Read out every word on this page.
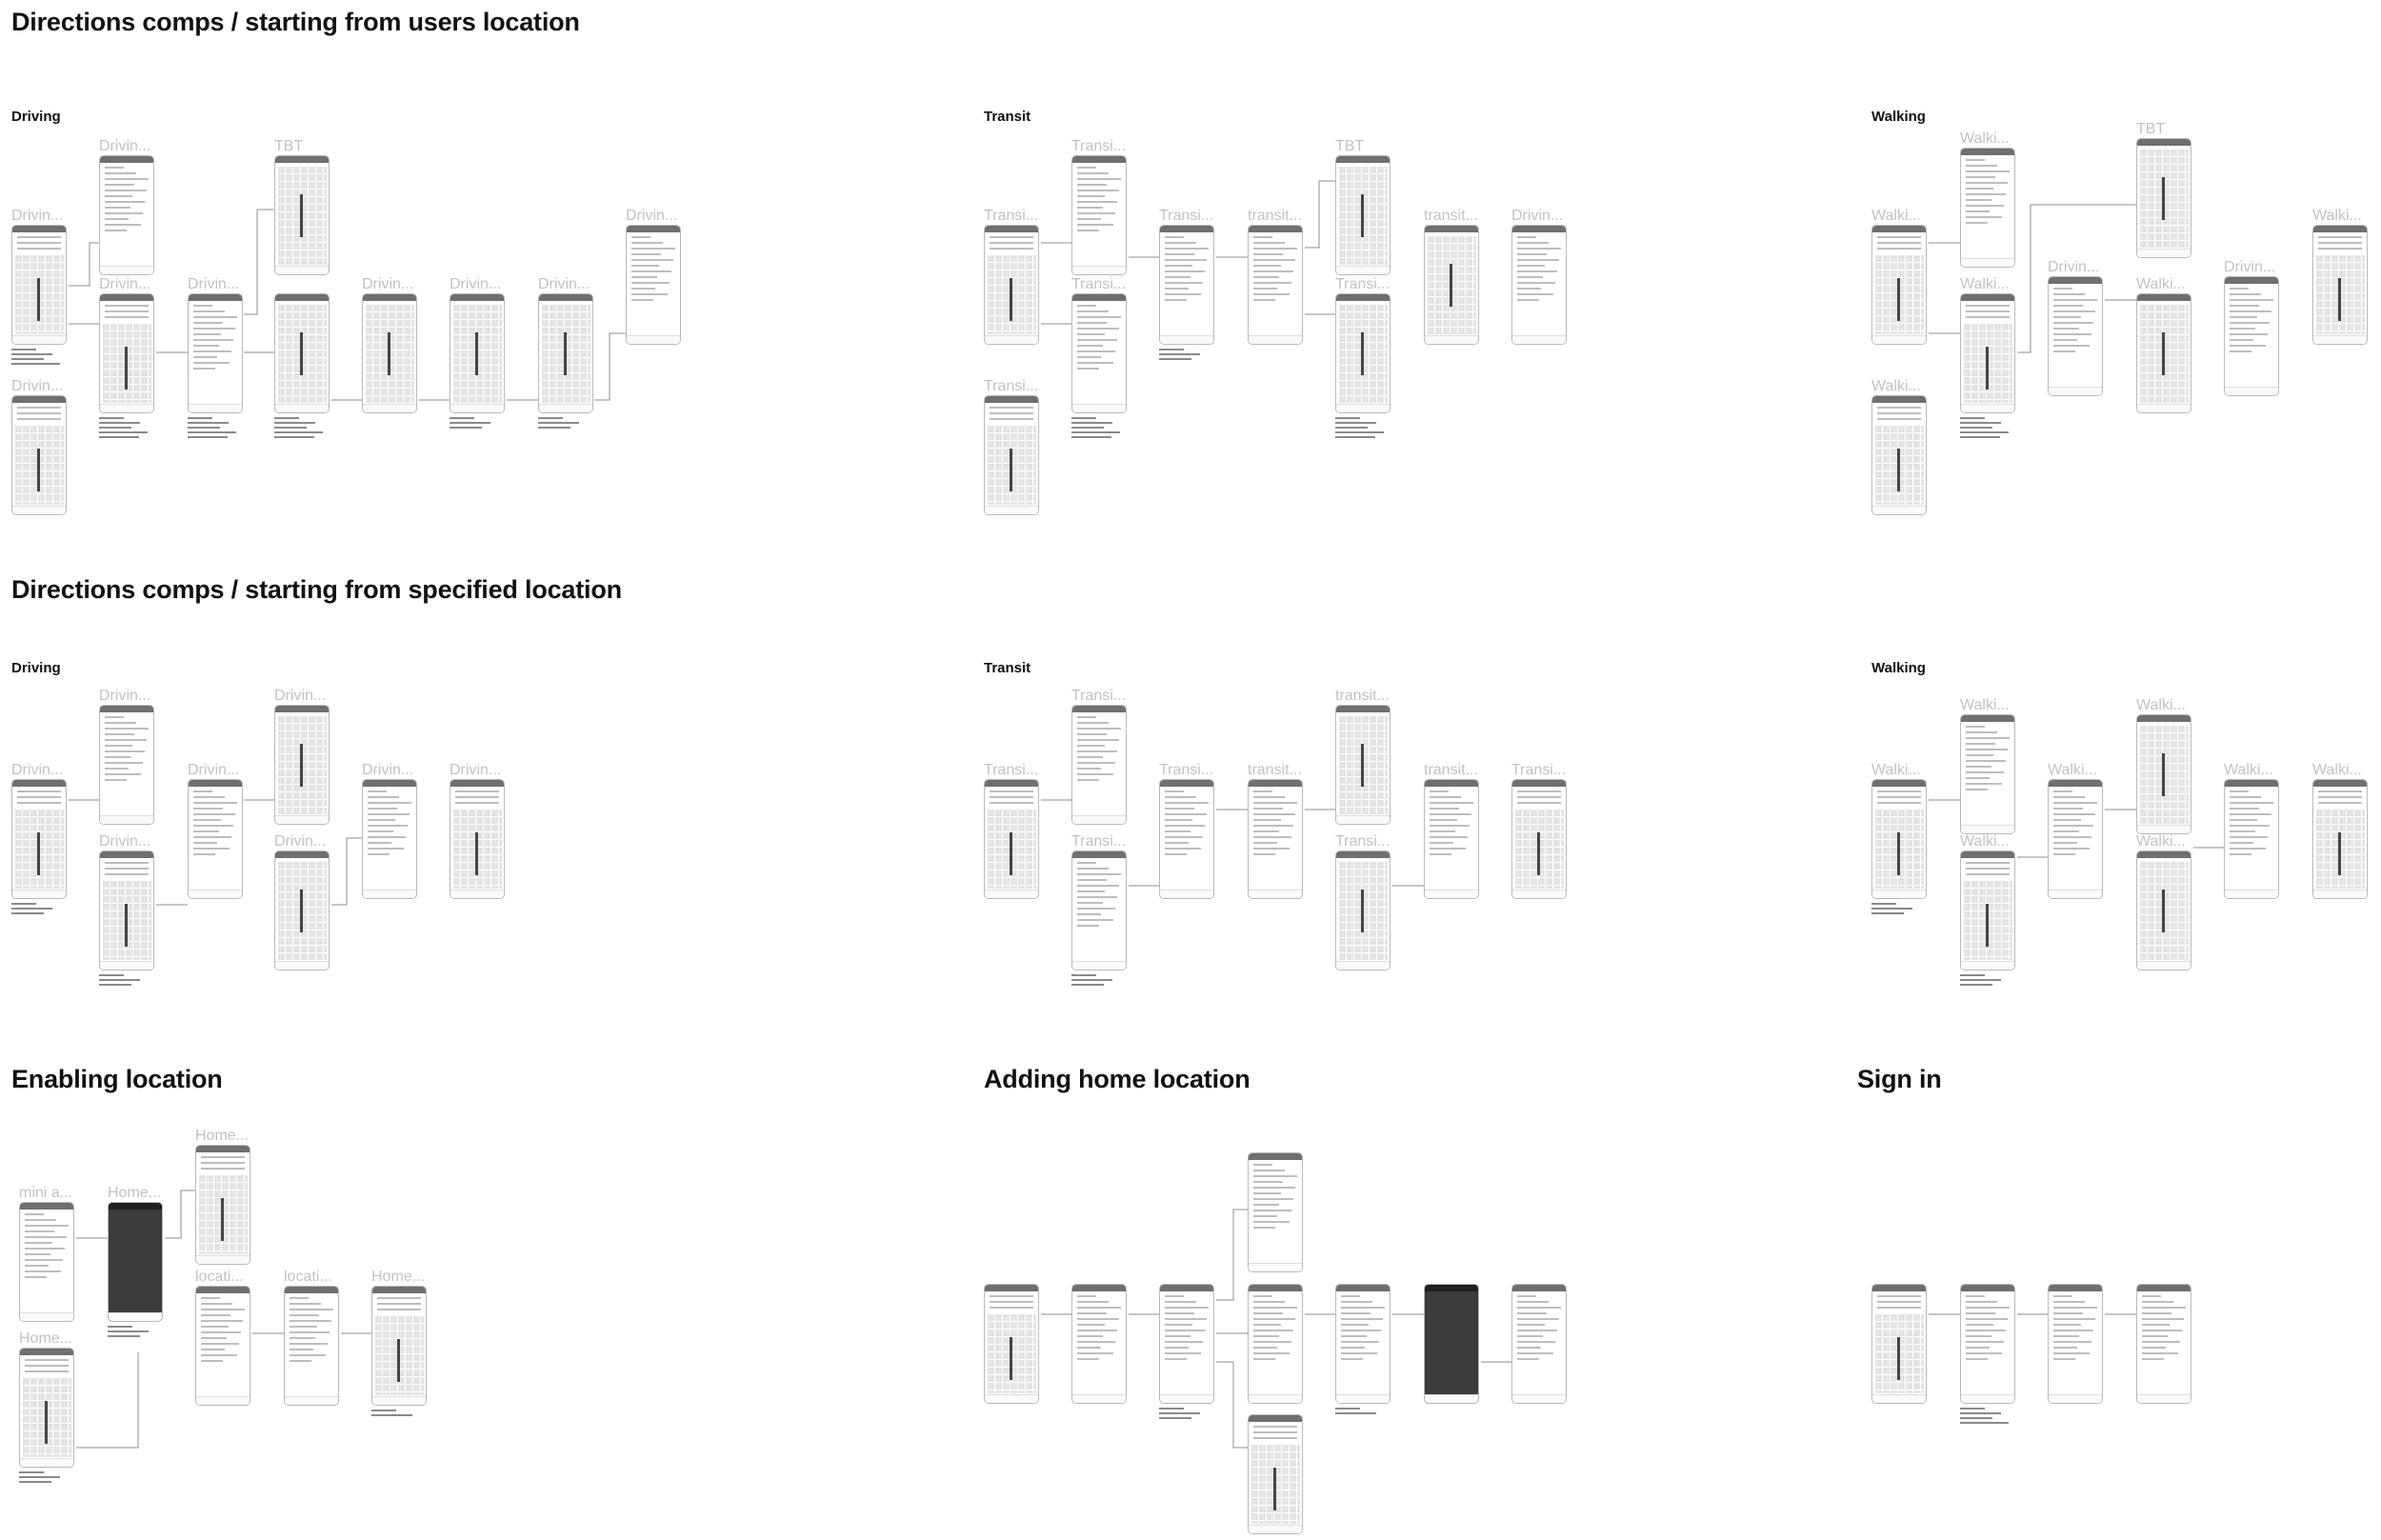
Directions comps / starting from users location
Directions comps / starting from specified location
Driving	Transit	Walking
Driving	Transit	Walking
Enabling location	Adding home location	Sign in
Drivin...
Drivin...
Drivin...
Drivin... Drivin...
TBT
Drivin... Drivin... Drivin...
Drivin...	Transi...
Transi...
Transi...
Transi...
Transi... transit...
TBT
Transi...
transit... Drivin...	Walki...
Walki...
Walki...
Walki...
Drivin...
TBT
Walki...
Drivin...
Walki...
Drivin...
Drivin...
Drivin...
Drivin...
Drivin...
Drivin...
Drivin... Drivin...	Transi...
Transi...
Transi...
Transi... transit...
transit...
Transi...
transit... Transi...	Walki...
Walki...
Walki...
Walki...
Walki...
Walki...
Walki...	Walki...
mini a...
Home...
Home...
Home...
locati...	locati...	Home...
